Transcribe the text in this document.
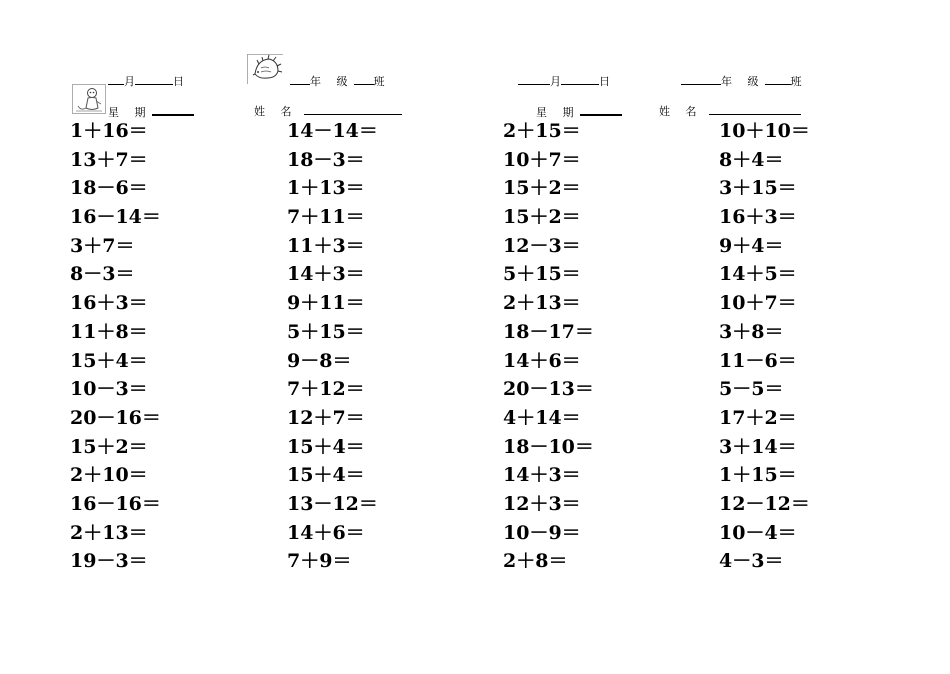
月	日
星 期
年 级 班
姓 名
月	日
星 期
年 级 班
姓 名
1＋16＝
13＋7＝
18－6＝
16－14＝
3＋7＝
8－3＝
16＋3＝
11＋8＝
15＋4＝
10－3＝
20－16＝
15＋2＝
2＋10＝
16－16＝
2＋13＝
19－3＝
14－14＝
18－3＝
1＋13＝
7＋11＝
11＋3＝
14＋3＝
9＋11＝
5＋15＝
9－8＝
7＋12＝
12＋7＝
15＋4＝
15＋4＝
13－12＝
14＋6＝
7＋9＝
2＋15＝
10＋7＝
15＋2＝
15＋2＝
12－3＝
5＋15＝
2＋13＝
18－17＝
14＋6＝
20－13＝
4＋14＝
18－10＝
14＋3＝
12＋3＝
10－9＝
2＋8＝
10＋10＝
8＋4＝
3＋15＝
16＋3＝
9＋4＝
14＋5＝
10＋7＝
3＋8＝
11－6＝
5－5＝
17＋2＝
3＋14＝
1＋15＝
12－12＝
10－4＝
4－3＝
